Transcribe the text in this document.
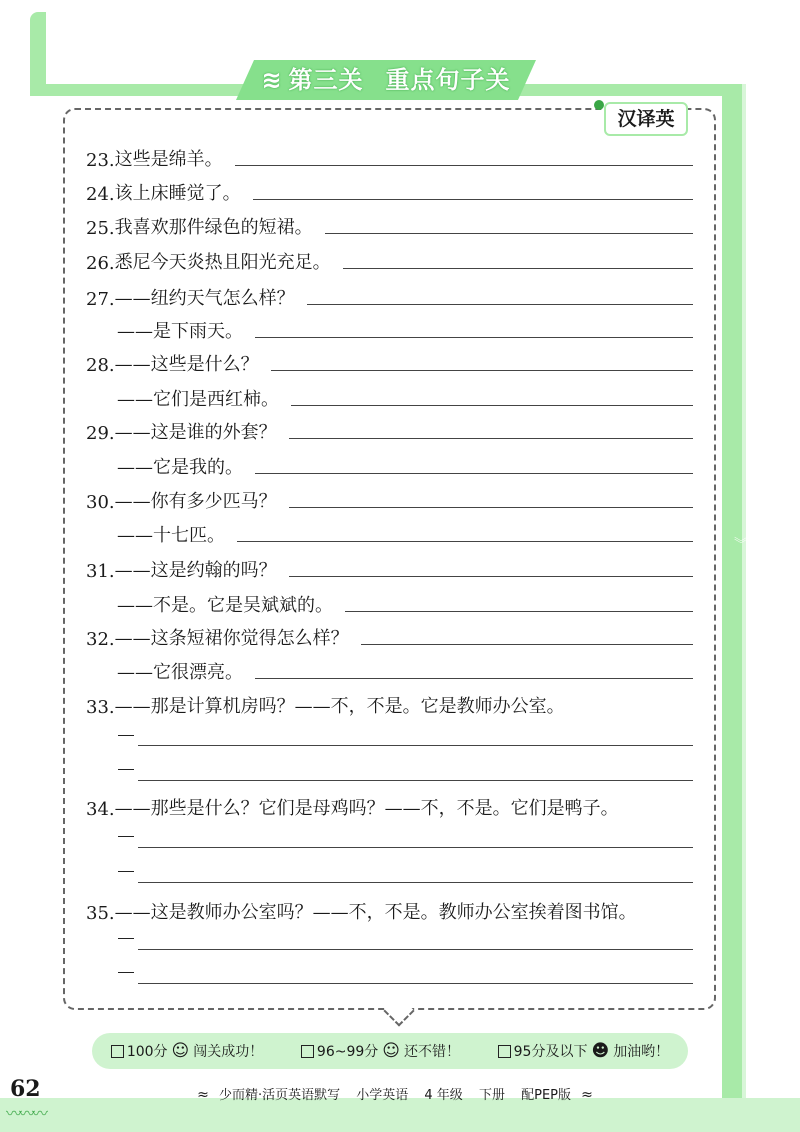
︾
≋ 第三关 重点句子关
汉译英
23. 这些是绵羊。
24. 该上床睡觉了。
25. 我喜欢那件绿色的短裙。
26. 悉尼今天炎热且阳光充足。
27. ——纽约天气怎么样？
——是下雨天。
28. ——这些是什么？
——它们是西红柿。
29. ——这是谁的外套？
——它是我的。
30. ——你有多少匹马？
——十七匹。
31. ——这是约翰的吗？
——不是。它是吴斌斌的。
32. ——这条短裙你觉得怎么样？
——它很漂亮。
33. ——那是计算机房吗？——不，不是。它是教师办公室。
34. ——那些是什么？它们是母鸡吗？——不，不是。它们是鸭子。
35. ——这是教师办公室吗？——不，不是。教师办公室挨着图书馆。
100分 ☺ 闯关成功！	96~99分 ☺ 还不错！	95分及以下 ☻ 加油哟！
62
〰〰〰
≈ 少而精·活页英语默写 小学英语 4 年级 下册 配PEP版 ≈
